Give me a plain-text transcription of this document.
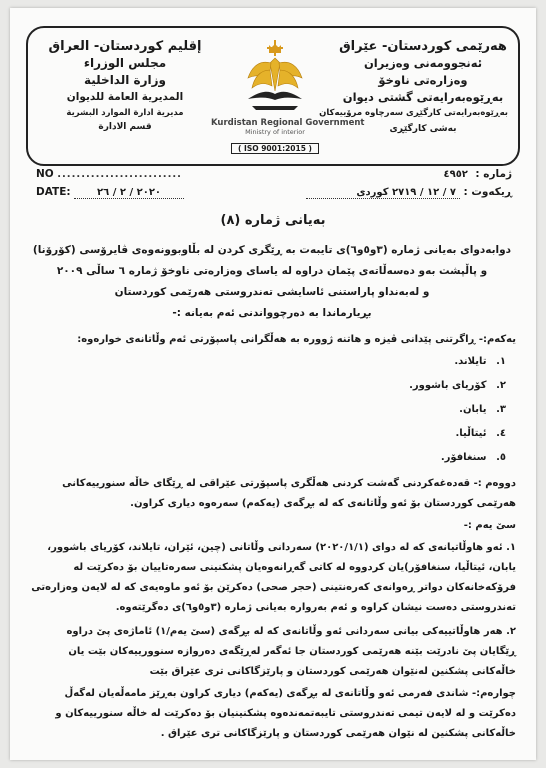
هەرێمی کوردستان- عێراق
ئەنجوومەنی وەزیران
وەزارەتی ناوخۆ
بەڕێوەبەرایەتی گشتی دیوان
بەڕێوەبەرایەتی کارگێڕی سەرچاوە مرۆییەکان
بەشی کارگێڕی
Kurdistan Regional Government
Ministry of interior
( ISO 9001:2015 )
إقليم كوردستان- العراق
مجلس الوزراء
وزارة الداخلية
المديرية العامة للديوان
مديرية ادارة الموارد البشرية
قسم الادارة
NO ..........................
DATE:	٢٠٢٠ / ٢ / ٢٦
ژمارە : ٤٩٥٢
ڕیکەوت : ٧ / ١٢ / ٢٧١٩ كوردی
بەیانی ژمارە (٨)
دوابەدوای بەیانی ژمارە (٣و٥و٦)ی تایبەت بە ڕێگری کردن لە بڵاوبوونەوەی ڤایرۆسی (کۆرۆنا)
و پاڵپشت بەو دەسەڵاتەی پێمان دراوە لە یاسای وەزارەتی ناوخۆ ژمارە ٦ ساڵی ٢٠٠٩
و لەبەنداو پاراستنی ئاسایشی تەندروستی هەرێمی کوردستان
بڕیارماندا بە دەرچوواندنی ئەم بەیانە :-
یەکەم:- ڕاگرتنی پێدانی ڤیزە و هاتنە ژوورە بە هەڵگرانی پاسپۆرتی ئەم وڵاتانەی خوارەوە:
١. تایلاند.
٢. کۆریای باشوور.
٣. یابان.
٤. ئیتاڵیا.
٥. سنغافۆر.
دووەم :- قەدەغەکردنی گەشت کردنی هەڵگری پاسپۆرتی عێراقی لە ڕێگای خاڵە سنورییەکانی هەرێمی کوردستان بۆ ئەو وڵاتانەی کە لە بڕگەی (یەکەم) سەرەوە دیاری کراون.
سێ یەم :-
١. ئەو هاوڵاتیانەی کە لە دوای (٢٠٢٠/١/١) سەردانی وڵاتانی (چین، ئێران، تایلاند، کۆریای باشوور، یابان، ئیتاڵیا، سنغافۆر)یان کردووە لە کاتی گەڕانەوەیان پشکنینی سەرەتاییان بۆ دەکرێت لە فرۆکەخانەکان دواتر ڕەوانەی کەرەنتینی (حجر صحی) دەکرێن بۆ ئەو ماوەیەی کە لە لایەن وەزارەتی تەندروستی دەست نیشان کراوە و ئەم بەرواره بەیانی ژمارە (٣و٥و٦)ی دەگرێتەوە.
٢. هەر هاوڵاتییەکی بیانی سەردانی ئەو وڵاتانەی کە لە بڕگەی (سێ یەم/١) ئاماژەی پێ دراوە ڕێگایان پێ نادرێت بێنە هەرێمی کوردستان جا ئەگەر لەڕێگەی دەروازە سنوورییەکان بێت یان خاڵەکانی پشکنین لەنێوان هەرێمی کوردستان و پارێزگاکانی تری عێراق بێت
چوارەم:- شاندی فەرمی ئەو وڵاتانەی لە بڕگەی (یەکەم) دیاری کراون بەڕێز مامەڵەیان لەگەڵ دەکرێت و لە لایەن تیمی تەندروستی تایبەتمەندەوە پشکنینیان بۆ دەکرێت لە خاڵە سنورییەکان و خاڵەکانی پشکنین لە نێوان هەرێمی کوردستان و پارێزگاکانی تری عێراق .
